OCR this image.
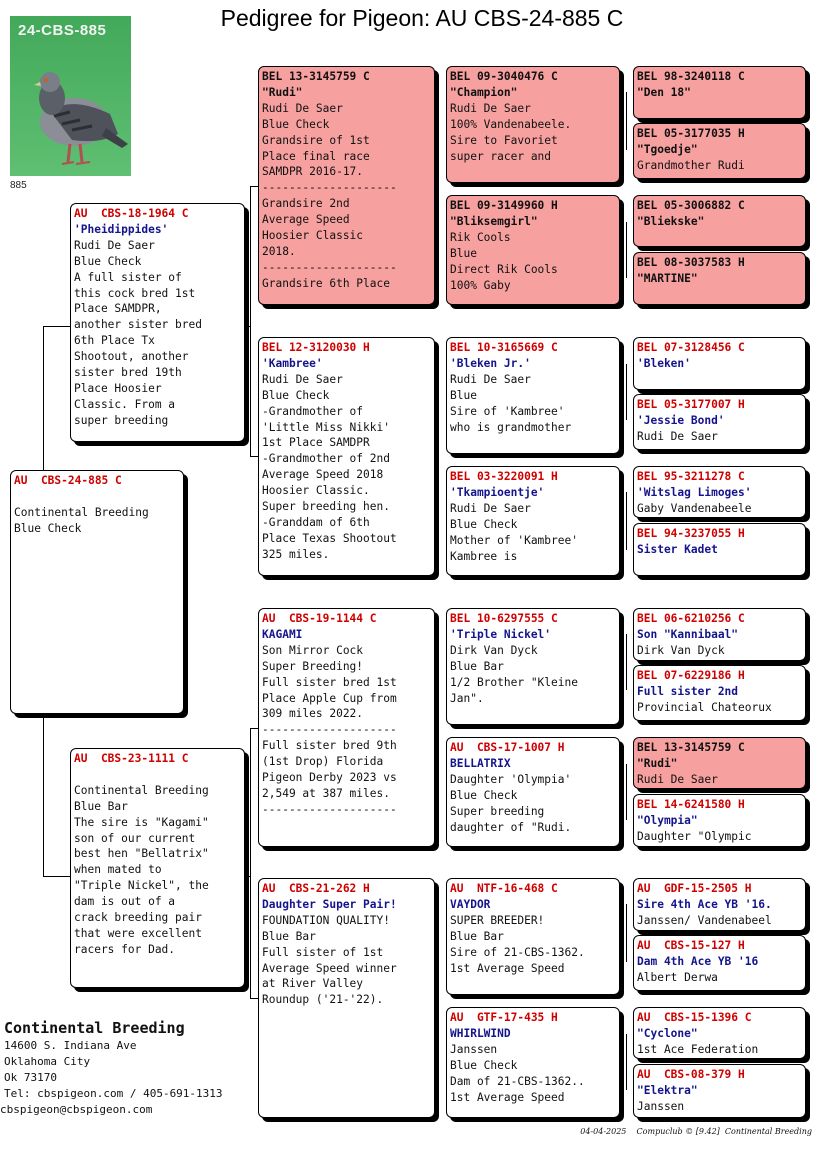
Pedigree for Pigeon: AU CBS-24-885 C
24-CBS-885
885
AU  CBS-24-885 C

Continental Breeding
Blue Check
AU  CBS-18-1964 C
'Pheidippides'
Rudi De Saer
Blue Check
A full sister of
this cock bred 1st
Place SAMDPR,
another sister bred
6th Place Tx
Shootout, another
sister bred 19th
Place Hoosier
Classic. From a
super breeding
AU  CBS-23-1111 C

Continental Breeding
Blue Bar
The sire is "Kagami"
son of our current
best hen "Bellatrix"
when mated to
"Triple Nickel", the
dam is out of a
crack breeding pair
that were excellent
racers for Dad.
BEL 13-3145759 C
"Rudi"
Rudi De Saer
Blue Check
Grandsire of 1st
Place final race
SAMDPR 2016-17.
--------------------
Grandsire 2nd
Average Speed
Hoosier Classic
2018.
--------------------
Grandsire 6th Place
BEL 12-3120030 H
'Kambree'
Rudi De Saer
Blue Check
-Grandmother of
'Little Miss Nikki'
1st Place SAMDPR
-Grandmother of 2nd
Average Speed 2018
Hoosier Classic.
Super breeding hen.
-Granddam of 6th
Place Texas Shootout
325 miles.
AU  CBS-19-1144 C
KAGAMI
Son Mirror Cock
Super Breeding!
Full sister bred 1st
Place Apple Cup from
309 miles 2022.
--------------------
Full sister bred 9th
(1st Drop) Florida
Pigeon Derby 2023 vs
2,549 at 387 miles.
--------------------
AU  CBS-21-262 H
Daughter Super Pair!
FOUNDATION QUALITY!
Blue Bar
Full sister of 1st
Average Speed winner
at River Valley
Roundup ('21-'22).
BEL 09-3040476 C
"Champion"
Rudi De Saer
100% Vandenabeele.
Sire to Favoriet
super racer and
BEL 09-3149960 H
"Bliksemgirl"
Rik Cools
Blue
Direct Rik Cools
100% Gaby
BEL 10-3165669 C
'Bleken Jr.'
Rudi De Saer
Blue
Sire of 'Kambree'
who is grandmother
BEL 03-3220091 H
'Tkampioentje'
Rudi De Saer
Blue Check
Mother of 'Kambree'
Kambree is
BEL 10-6297555 C
'Triple Nickel'
Dirk Van Dyck
Blue Bar
1/2 Brother "Kleine
Jan".
AU  CBS-17-1007 H
BELLATRIX
Daughter 'Olympia'
Blue Check
Super breeding
daughter of "Rudi.
AU  NTF-16-468 C
VAYDOR
SUPER BREEDER!
Blue Bar
Sire of 21-CBS-1362.
1st Average Speed
AU  GTF-17-435 H
WHIRLWIND
Janssen
Blue Check
Dam of 21-CBS-1362..
1st Average Speed
BEL 98-3240118 C
"Den 18"
BEL 05-3177035 H
"Tgoedje"
Grandmother Rudi
BEL 05-3006882 C
"Bliekske"
BEL 08-3037583 H
"MARTINE"
BEL 07-3128456 C
'Bleken'
BEL 05-3177007 H
'Jessie Bond'
Rudi De Saer
BEL 95-3211278 C
'Witslag Limoges'
Gaby Vandenabeele
BEL 94-3237055 H
Sister Kadet
BEL 06-6210256 C
Son "Kannibaal"
Dirk Van Dyck
BEL 07-6229186 H
Full sister 2nd
Provincial Chateorux
BEL 13-3145759 C
"Rudi"
Rudi De Saer
BEL 14-6241580 H
"Olympia"
Daughter "Olympic
AU  GDF-15-2505 H
Sire 4th Ace YB '16.
Janssen/ Vandenabeel
AU  CBS-15-127 H
Dam 4th Ace YB '16
Albert Derwa
AU  CBS-15-1396 C
"Cyclone"
1st Ace Federation
AU  CBS-08-379 H
"Elektra"
Janssen
Continental Breeding
14600 S. Indiana Ave
Oklahoma City
Ok 73170
Tel: cbspigeon.com / 405-691-1313
cbspigeon@cbspigeon.com
04-04-2025    Compuclub © [9.42]  Continental Breeding
